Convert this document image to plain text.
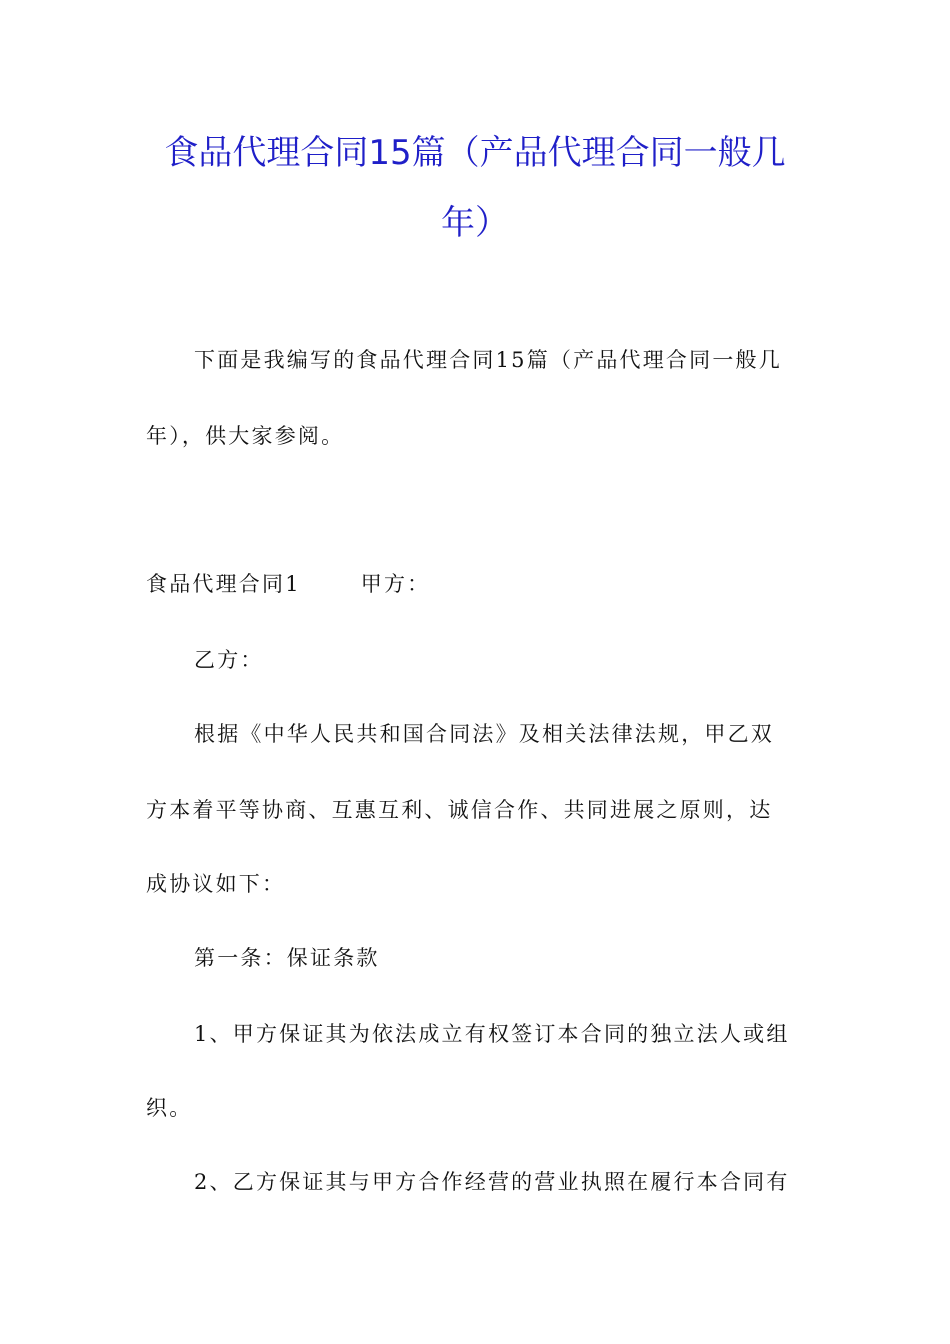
食品代理合同15篇（产品代理合同一般几
年）
下面是我编写的食品代理合同15篇（产品代理合同一般几
年），供大家参阅。
食品代理合同1	甲方：
乙方：
根据《中华人民共和国合同法》及相关法律法规，甲乙双
方本着平等协商、互惠互利、诚信合作、共同进展之原则，达
成协议如下：
第一条：保证条款
1、甲方保证其为依法成立有权签订本合同的独立法人或组
织。
2、乙方保证其与甲方合作经营的营业执照在履行本合同有
